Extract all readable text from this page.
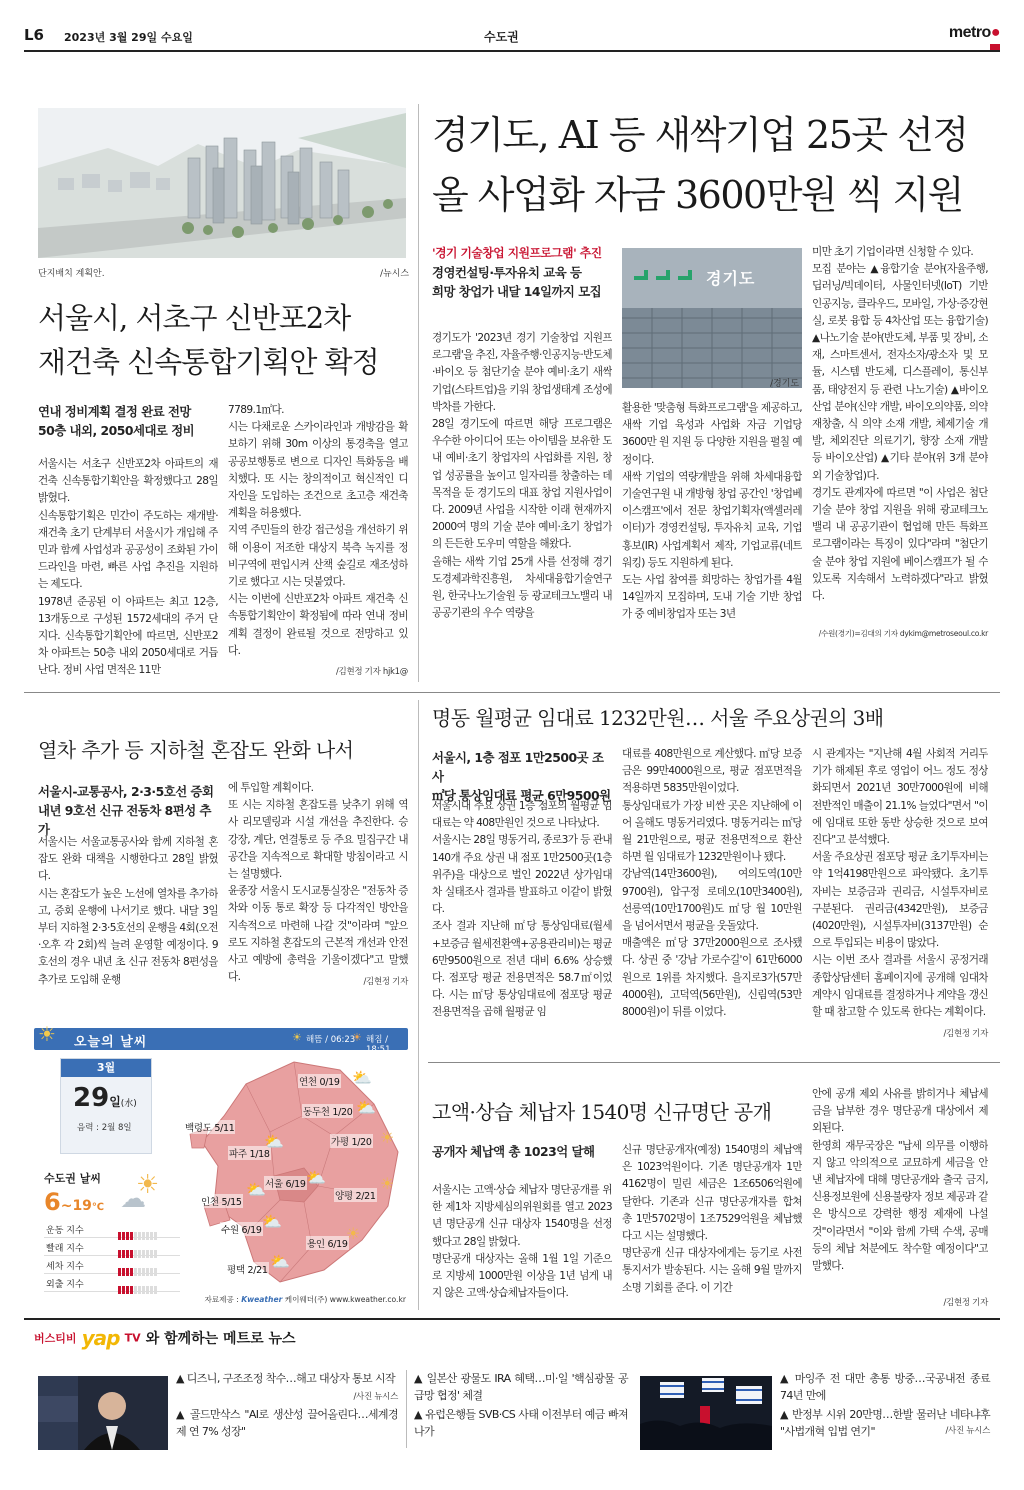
L6 2023년 3월 29일 수요일	수도권	metro●
단지배치 계획안.	/뉴시스
서울시, 서초구 신반포2차
재건축 신속통합기획안 확정
연내 정비계획 결정 완료 전망
50층 내외, 2050세대로 정비
서울시는 서초구 신반포2차 아파트의 재건축 신속통합기획안을 확정했다고 28일 밝혔다.
신속통합기획은 민간이 주도하는 재개발·재건축 초기 단계부터 서울시가 개입해 주민과 함께 사업성과 공공성이 조화된 가이드라인을 마련, 빠른 사업 추진을 지원하는 제도다.
1978년 준공된 이 아파트는 최고 12층, 13개동으로 구성된 1572세대의 주거 단지다. 신속통합기획안에 따르면, 신반포2차 아파트는 50층 내외 2050세대로 거듭난다. 정비 사업 면적은 11만
7789.1㎡다.
시는 다채로운 스카이라인과 개방감을 확보하기 위해 30m 이상의 통경축을 열고 공공보행통로 변으로 디자인 특화동을 배치했다. 또 시는 창의적이고 혁신적인 디자인을 도입하는 조건으로 초고층 재건축 계획을 허용했다.
지역 주민들의 한강 접근성을 개선하기 위해 이용이 저조한 대상지 북측 녹지를 정비구역에 편입시켜 산책 숲길로 재조성하기로 했다고 시는 덧붙였다.
시는 이번에 신반포2차 아파트 재건축 신속통합기획안이 확정됨에 따라 연내 정비계획 결정이 완료될 것으로 전망하고 있다.
/김현정 기자 hjk1@
경기도, AI 등 새싹기업 25곳 선정
올 사업화 자금 3600만원 씩 지원
'경기 기술창업 지원프로그램' 추진
경영컨설팅·투자유치 교육 등
희망 창업가 내달 14일까지 모집
경기도가 '2023년 경기 기술창업 지원프로그램'을 추진, 자율주행·인공지능·반도체·바이오 등 첨단기술 분야 예비·초기 새싹 기업(스타트업)을 키워 창업생태계 조성에 박차를 가한다.
28일 경기도에 따르면 해당 프로그램은 우수한 아이디어 또는 아이템을 보유한 도내 예비·초기 창업자의 사업화를 지원, 창업 성공률을 높이고 일자리를 창출하는 데 목적을 둔 경기도의 대표 창업 지원사업이다. 2009년 사업을 시작한 이래 현재까지 2000여 명의 기술 분야 예비·초기 창업가의 든든한 도우미 역할을 해왔다.
올해는 새싹 기업 25개 사를 선정해 경기도경제과학진흥원, 차세대융합기술연구원, 한국나노기술원 등 광교테크노밸리 내 공공기관의 우수 역량을
경기도
/경기도
활용한 '맞춤형 특화프로그램'을 제공하고, 새싹 기업 육성과 사업화 자금 기업당 3600만 원 지원 등 다양한 지원을 펼칠 예정이다.
새싹 기업의 역량개발을 위해 차세대융합기술연구원 내 개방형 창업 공간인 '창업베이스캠프'에서 전문 창업기획자(액셀러레이터)가 경영컨설팅, 투자유치 교육, 기업홍보(IR) 사업계획서 제작, 기업교류(네트워킹) 등도 지원하게 된다.
도는 사업 참여를 희망하는 창업가를 4월 14일까지 모집하며, 도내 기술 기반 창업가 중 예비창업자 또는 3년
미만 초기 기업이라면 신청할 수 있다.
모집 분야는 ▲융합기술 분야(자율주행, 딥러닝/빅데이터, 사물인터넷(IoT) 기반 인공지능, 클라우드, 모바일, 가상·증강현실, 로봇 융합 등 4차산업 또는 융합기술) ▲나노기술 분야(반도체, 부품 및 장비, 소재, 스마트센서, 전자소자/광소자 및 모듈, 시스템 반도체, 디스플레이, 통신부품, 태양전지 등 관련 나노기술) ▲바이오산업 분야(신약 개발, 바이오의약품, 의약 재창출, 식 의약 소재 개발, 체제기술 개발, 체외진단 의료기기, 향장 소재 개발 등 바이오산업) ▲기타 분야(위 3개 분야 외 기술창업)다.
경기도 관계자에 따르면 "이 사업은 첨단기술 분야 창업 지원을 위해 광교테크노밸리 내 공공기관이 협업해 만든 특화프로그램이라는 특징이 있다"라며 "첨단기술 분야 창업 지원에 베이스캠프가 될 수 있도록 지속해서 노력하겠다"라고 밝혔다.
/수원(경기)=김대의 기자 dykim@metroseoul.co.kr
열차 추가 등 지하철 혼잡도 완화 나서
서울시-교통공사, 2·3·5호선 증회
내년 9호선 신규 전동차 8편성 추가
서울시는 서울교통공사와 함께 지하철 혼잡도 완화 대책을 시행한다고 28일 밝혔다.
시는 혼잡도가 높은 노선에 열차를 추가하고, 증회 운행에 나서기로 했다. 내달 3일부터 지하철 2·3·5호선의 운행을 4회(오전·오후 각 2회)씩 늘려 운영할 예정이다. 9호선의 경우 내년 초 신규 전동차 8편성을 추가로 도입해 운행
에 투입할 계획이다.
또 시는 지하철 혼잡도를 낮추기 위해 역사 리모델링과 시설 개선을 추진한다. 승강장, 계단, 연결통로 등 주요 밀집구간 내 공간을 지속적으로 확대할 방침이라고 시는 설명했다.
윤종장 서울시 도시교통실장은 "전동차 증차와 이동 통로 확장 등 다각적인 방안을 지속적으로 마련해 나갈 것"이라며 "앞으로도 지하철 혼잡도의 근본적 개선과 안전사고 예방에 총력을 기울이겠다"고 말했다.	/김현정 기자
☀ 오늘의 날씨	☀ 해뜸 / 06:23
☀ 해짐 / 18:51
3월
29일(水)
음력 : 2월 8일
수도권 날씨
6~19℃
☀
☁
운동 지수
빨래 지수
세차 지수
외출 지수
연천 0/19 ⛅
동두천 1/20 ⛅
가평 1/20 ☀
백령도 5/11
파주 1/18
⛅
서울 6/19 ⛅
인천 5/15
⛅	양평 2/21
☀
수원 6/19 ⛅
용인 6/19
☀
평택 2/21 ⛅
자료제공 : Kweather 케이웨더(주) www.kweather.co.kr
명동 월평균 임대료 1232만원… 서울 주요상권의 3배
서울시, 1층 점포 1만2500곳 조사
㎡당 통상임대료 평균 6만9500원
서울시내 주요 상권 1층 점포의 월평균 임대료는 약 408만원인 것으로 나타났다.
서울시는 28일 명동거리, 종로3가 등 관내 140개 주요 상권 내 점포 1만2500곳(1층 위주)을 대상으로 벌인 2022년 상가임대차 실태조사 결과를 발표하고 이같이 밝혔다.
조사 결과 지난해 ㎡당 통상임대료(월세+보증금 월세전환액+공용관리비)는 평균 6만9500원으로 전년 대비 6.6% 상승했다. 점포당 평균 전용면적은 58.7㎡이었다. 시는 ㎡당 통상임대료에 점포당 평균 전용면적을 곱해 월평균 임
대료를 408만원으로 계산했다. ㎡당 보증금은 99만4000원으로, 평균 점포면적을 적용하면 5835만원이었다.
통상임대료가 가장 비싼 곳은 지난해에 이어 올해도 명동거리였다. 명동거리는 ㎡당 월 21만원으로, 평균 전용면적으로 환산하면 월 임대료가 1232만원이나 됐다.
강남역(14만3600원), 여의도역(10만9700원), 압구정 로데오(10만3400원), 선릉역(10만1700원)도 ㎡당 월 10만원을 넘어서면서 평균을 웃돌았다.
매출액은 ㎡당 37만2000원으로 조사됐다. 상권 중 '강남 가로수길'이 61만6000원으로 1위를 차지했다. 을지로3가(57만4000원), 고덕역(56만원), 신림역(53만8000원)이 뒤를 이었다.
시 관계자는 "지난해 4월 사회적 거리두기가 해제된 후로 영업이 어느 정도 정상화되면서 2021년 30만7000원에 비해 전반적인 매출이 21.1% 늘었다"면서 "이에 임대료 또한 동반 상승한 것으로 보여진다"고 분석했다.
서울 주요상권 점포당 평균 초기투자비는 약 1억4198만원으로 파악됐다. 초기투자비는 보증금과 권리금, 시설투자비로 구분된다. 권리금(4342만원), 보증금(4020만원), 시설투자비(3137만원) 순으로 투입되는 비용이 많았다.
시는 이번 조사 결과를 서울시 공정거래종합상담센터 홈페이지에 공개해 임대차 계약시 임대료를 결정하거나 계약을 갱신할 때 참고할 수 있도록 한다는 계획이다.
/김현정 기자
고액·상습 체납자 1540명 신규명단 공개
공개자 체납액 총 1023억 달해
서울시는 고액·상습 체납자 명단공개를 위한 제1차 지방세심의위원회를 열고 2023년 명단공개 신규 대상자 1540명을 선정했다고 28일 밝혔다.
명단공개 대상자는 올해 1월 1일 기준으로 지방세 1000만원 이상을 1년 넘게 내지 않은 고액·상습체납자들이다.
신규 명단공개자(예정) 1540명의 체납액은 1023억원이다. 기존 명단공개자 1만4162명이 밀린 세금은 1조6506억원에 달한다. 기존과 신규 명단공개자를 합쳐 총 1만5702명이 1조7529억원을 체납했다고 시는 설명했다.
명단공개 신규 대상자에게는 등기로 사전 통지서가 발송된다. 시는 올해 9월 말까지 소명 기회를 준다. 이 기간
안에 공개 제외 사유를 밝히거나 체납세금을 납부한 경우 명단공개 대상에서 제외된다.
한영희 재무국장은 "납세 의무를 이행하지 않고 악의적으로 교묘하게 세금을 안 낸 체납자에 대해 명단공개와 출국 금지, 신용정보원에 신용불량자 정보 제공과 같은 방식으로 강력한 행정 제재에 나설 것"이라면서 "이와 함께 가택 수색, 공매 등의 체납 처분에도 착수할 예정이다"고 말했다.
/김현정 기자
버스티비 yap TV 와 함께하는 메트로 뉴스
▲ 디즈니, 구조조정 착수…해고 대상자 통보 시작
/사진 뉴시스
▲ 골드만삭스 "AI로 생산성 끌어올린다…세계경제 연 7% 성장"
▲ 일본산 광물도 IRA 혜택…미·일 '핵심광물 공급망 협정' 체결
▲ 유럽은행들 SVB·CS 사태 이전부터 예금 빠져나가
▲ 마잉주 전 대만 총통 방중…국공내전 종료 74년 만에
▲ 반정부 시위 20만명…한발 물러난 네타냐후 "사법개혁 입법 연기"	/사진 뉴시스
